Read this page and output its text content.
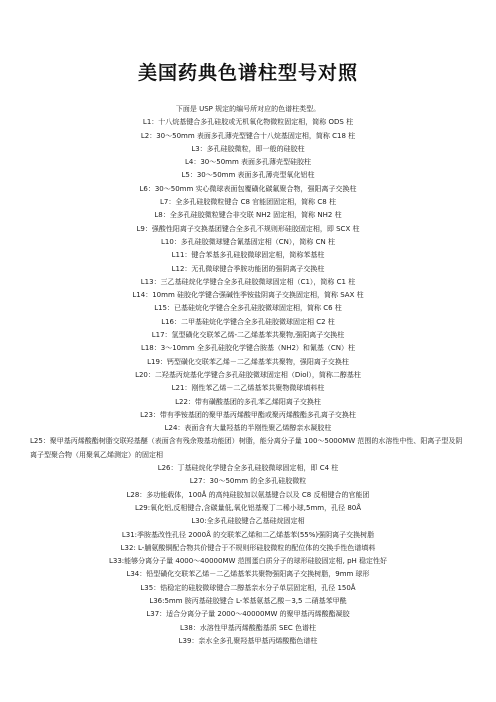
美国药典色谱柱型号对照

下面是 USP 规定的编号所对应的色谱柱类型。

L1：十八烷基键合多孔硅胶或无机氧化物微粒固定相，简称 ODS 柱
L2：30～50mm 表面多孔薄壳型键合十八烷基固定相，简称 C18 柱
L3：多孔硅胶微粒，即一般的硅胶柱
L4：30～50mm 表面多孔薄壳型硅胶柱
L5：30～50mm 表面多孔薄壳型氧化铝柱
L6：30～50mm 实心微球表面包覆磺化碳氟聚合物，强阳离子交换柱
L7：全多孔硅胶微粒键合 C8 官能团固定相，简称 C8 柱
L8：全多孔硅胶微粒键合非交联 NH2 固定相，简称 NH2 柱
L9：强酸性阳离子交换基团键合全多孔不规则形硅胶固定相，即 SCX 柱
L10：多孔硅胶微球键合氰基固定相（CN），简称 CN 柱
L11：键合苯基多孔硅胶微球固定相，简称苯基柱
L12：无孔微球键合季胺功能团的强阴离子交换柱
L13：三乙基硅烷化学键合全多孔硅胶微球固定相（C1），简称 C1 柱
L14：10mm 硅胶化学键合强碱性季铵盐阴离子交换固定相，简称 SAX 柱
L15：已基硅烷化学键合全多孔硅胶微球固定相，简称 C6 柱
L16：二甲基硅烷化学键合全多孔硅胶微球固定相 C2 柱
L17：氢型磺化交联苯乙烯-二乙烯基苯共聚物,强阳离子交换柱
L18：3～10mm 全多孔硅胶化学键合胺基（NH2）和氰基（CN）柱
L19：钙型磺化交联苯乙烯－二乙烯基苯共聚物，强阳离子交换柱
L20：二羟基丙烷基化学键合多孔硅胶微球固定相（Diol），简称二醇基柱
L21：刚性苯乙烯－二乙烯基苯共聚物微球填料柱
L22：带有磺酸基团的多孔苯乙烯阳离子交换柱
L23：带有季铵基团的聚甲基丙烯酸甲酯或聚丙烯酸酯多孔离子交换柱
L24：表面含有大量羟基的半刚性聚乙烯醇亲水凝胶柱
L25：聚甲基丙烯酸酯树脂交联羟基醚（表面含有残余羧基功能团）树脂，能分离分子量 100～5000MW 范围的水溶性中性、阳离子型及阴离子型聚合物（用聚氧乙烯测定）的固定相
L26：丁基硅烷化学键合全多孔硅胶微球固定相，即 C4 柱
L27：30～50mm 的全多孔硅胶微粒
L28：多功能载体，100Å 的高纯硅胶加以氨基键合以及 C8 反相键合的官能团
L29:氧化铝,反相键合,含碳量低,氧化铝基聚丁二稀小球,5mm，孔径 80Å
L30:全多孔硅胶键合乙基硅烷固定相
L31:季胺基改性孔径 2000Å 的交联苯乙烯和二乙烯基苯(55%)强阴离子交换树脂
L32: L-脯氨酸铜配合物共价键合于不规则形硅胶微粒的配位体的交换手性色谱填料
L33:能够分离分子量 4000～40000MW 范围蛋白质分子的球形硅胶固定相, pH 稳定性好
L34：铅型磺化交联苯乙烯－二乙烯基苯共聚物强阳离子交换树脂，9mm 球形
L35：锆稳定的硅胶微球键合二醇基亲水分子单层固定相，孔径 150Å
L36:5mm 胺丙基硅胶键合 L-苯基氨基乙酸－3,5 二硝基苯甲酰
L37：适合分离分子量 2000～40000MW 的聚甲基丙烯酸酯凝胶
L38：水溶性甲基丙烯酸酯基质 SEC 色谱柱
L39：亲水全多孔聚羟基甲基丙烯酸酯色谱柱
